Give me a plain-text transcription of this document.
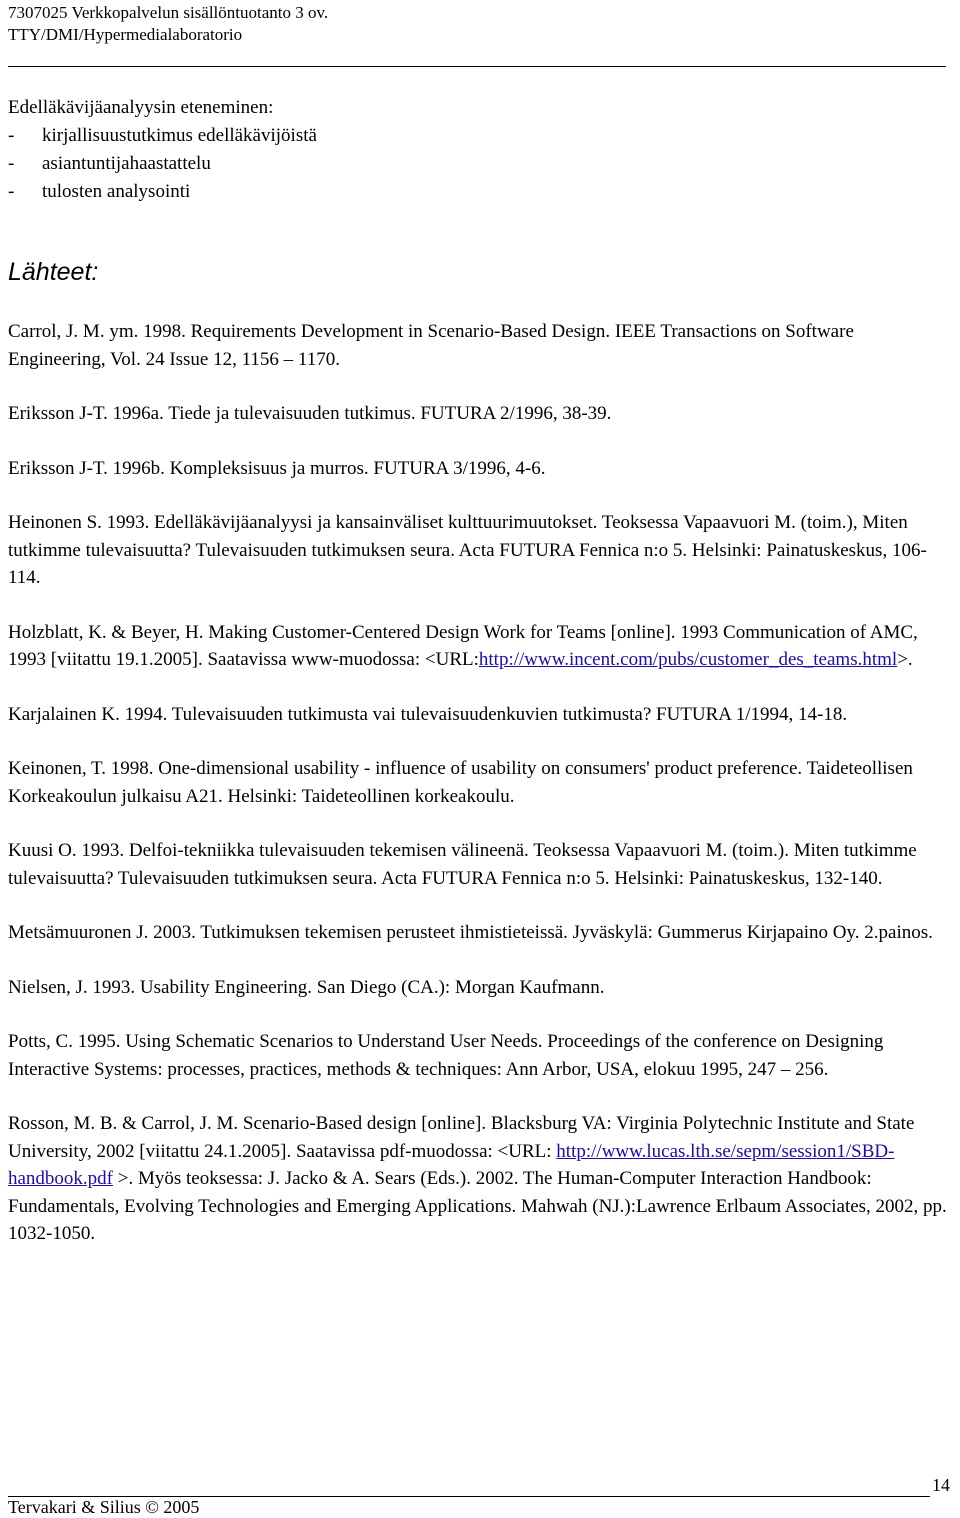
7307025 Verkkopalvelun sisällöntuotanto 3 ov.
TTY/DMI/Hypermedialaboratorio
Edelläkävijäanalyysin eteneminen:
- kirjallisuustutkimus edelläkävijöistä
- asiantuntijahaastattelu
- tulosten analysointi
Lähteet:

Carrol, J. M. ym. 1998. Requirements Development in Scenario-Based Design. IEEE Transactions on Software Engineering, Vol. 24 Issue 12, 1156 – 1170.

Eriksson J-T. 1996a. Tiede ja tulevaisuuden tutkimus. FUTURA 2/1996, 38-39.

Eriksson J-T. 1996b. Kompleksisuus ja murros. FUTURA 3/1996, 4-6.

Heinonen S. 1993. Edelläkävijäanalyysi ja kansainväliset kulttuurimuutokset. Teoksessa Vapaavuori M. (toim.), Miten tutkimme tulevaisuutta? Tulevaisuuden tutkimuksen seura. Acta FUTURA Fennica n:o 5. Helsinki: Painatuskeskus, 106-114.

Holzblatt, K. & Beyer, H. Making Customer-Centered Design Work for Teams [online]. 1993 Communication of AMC, 1993 [viitattu 19.1.2005]. Saatavissa www-muodossa: <URL:http://www.incent.com/pubs/customer_des_teams.html>.

Karjalainen K. 1994. Tulevaisuuden tutkimusta vai tulevaisuudenkuvien tutkimusta? FUTURA 1/1994, 14-18.

Keinonen, T. 1998. One-dimensional usability - influence of usability on consumers' product preference. Taideteollisen Korkeakoulun julkaisu A21. Helsinki: Taideteollinen korkeakoulu.

Kuusi O. 1993. Delfoi-tekniikka tulevaisuuden tekemisen välineenä. Teoksessa Vapaavuori M. (toim.). Miten tutkimme tulevaisuutta? Tulevaisuuden tutkimuksen seura. Acta FUTURA Fennica n:o 5. Helsinki: Painatuskeskus, 132-140.

Metsämuuronen J. 2003. Tutkimuksen tekemisen perusteet ihmistieteissä. Jyväskylä: Gummerus Kirjapaino Oy. 2.painos.

Nielsen, J. 1993. Usability Engineering. San Diego (CA.): Morgan Kaufmann.

Potts, C. 1995. Using Schematic Scenarios to Understand User Needs. Proceedings of the conference on Designing Interactive Systems: processes, practices, methods & techniques: Ann Arbor, USA, elokuu 1995, 247 – 256.

Rosson, M. B. & Carrol, J. M. Scenario-Based design [online]. Blacksburg VA: Virginia Polytechnic Institute and State University, 2002 [viitattu 24.1.2005]. Saatavissa pdf-muodossa: <URL: http://www.lucas.lth.se/sepm/session1/SBD-handbook.pdf >. Myös teoksessa: J. Jacko & A. Sears (Eds.). 2002. The Human-Computer Interaction Handbook: Fundamentals, Evolving Technologies and Emerging Applications. Mahwah (NJ.):Lawrence Erlbaum Associates, 2002, pp. 1032-1050.

14
Tervakari & Silius © 2005
